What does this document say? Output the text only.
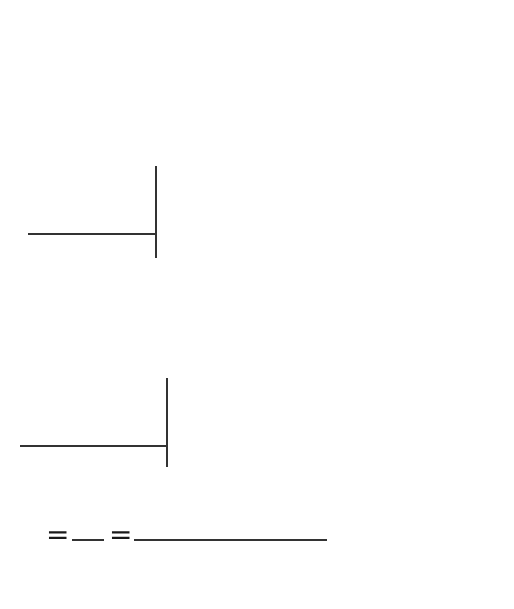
= =
